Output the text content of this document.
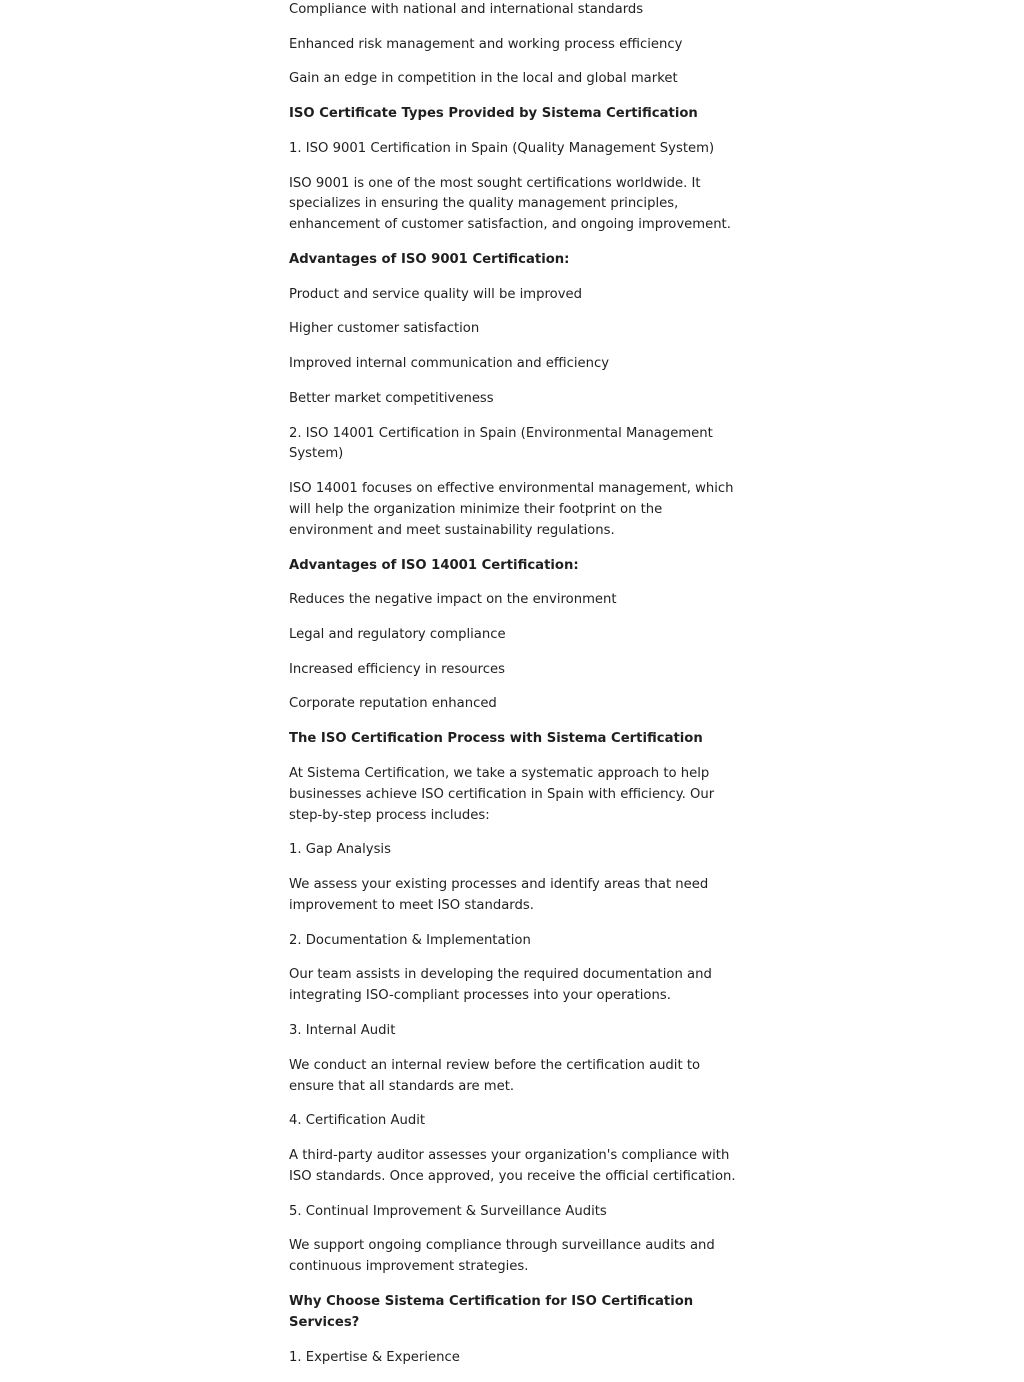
Compliance with national and international standards

Enhanced risk management and working process efficiency

Gain an edge in competition in the local and global market

ISO Certificate Types Provided by Sistema Certification

1. ISO 9001 Certification in Spain (Quality Management System)

ISO 9001 is one of the most sought certifications worldwide. It specializes in ensuring the quality management principles, enhancement of customer satisfaction, and ongoing improvement.

Advantages of ISO 9001 Certification:

Product and service quality will be improved

Higher customer satisfaction

Improved internal communication and efficiency

Better market competitiveness

2. ISO 14001 Certification in Spain (Environmental Management System)

ISO 14001 focuses on effective environmental management, which will help the organization minimize their footprint on the environment and meet sustainability regulations.

Advantages of ISO 14001 Certification:

Reduces the negative impact on the environment

Legal and regulatory compliance

Increased efficiency in resources

Corporate reputation enhanced

The ISO Certification Process with Sistema Certification

At Sistema Certification, we take a systematic approach to help businesses achieve ISO certification in Spain with efficiency. Our step-by-step process includes:

1. Gap Analysis

We assess your existing processes and identify areas that need improvement to meet ISO standards.

2. Documentation & Implementation

Our team assists in developing the required documentation and integrating ISO-compliant processes into your operations.

3. Internal Audit

We conduct an internal review before the certification audit to ensure that all standards are met.

4. Certification Audit

A third-party auditor assesses your organization's compliance with ISO standards. Once approved, you receive the official certification.

5. Continual Improvement & Surveillance Audits

We support ongoing compliance through surveillance audits and continuous improvement strategies.

Why Choose Sistema Certification for ISO Certification Services?

1. Expertise & Experience
